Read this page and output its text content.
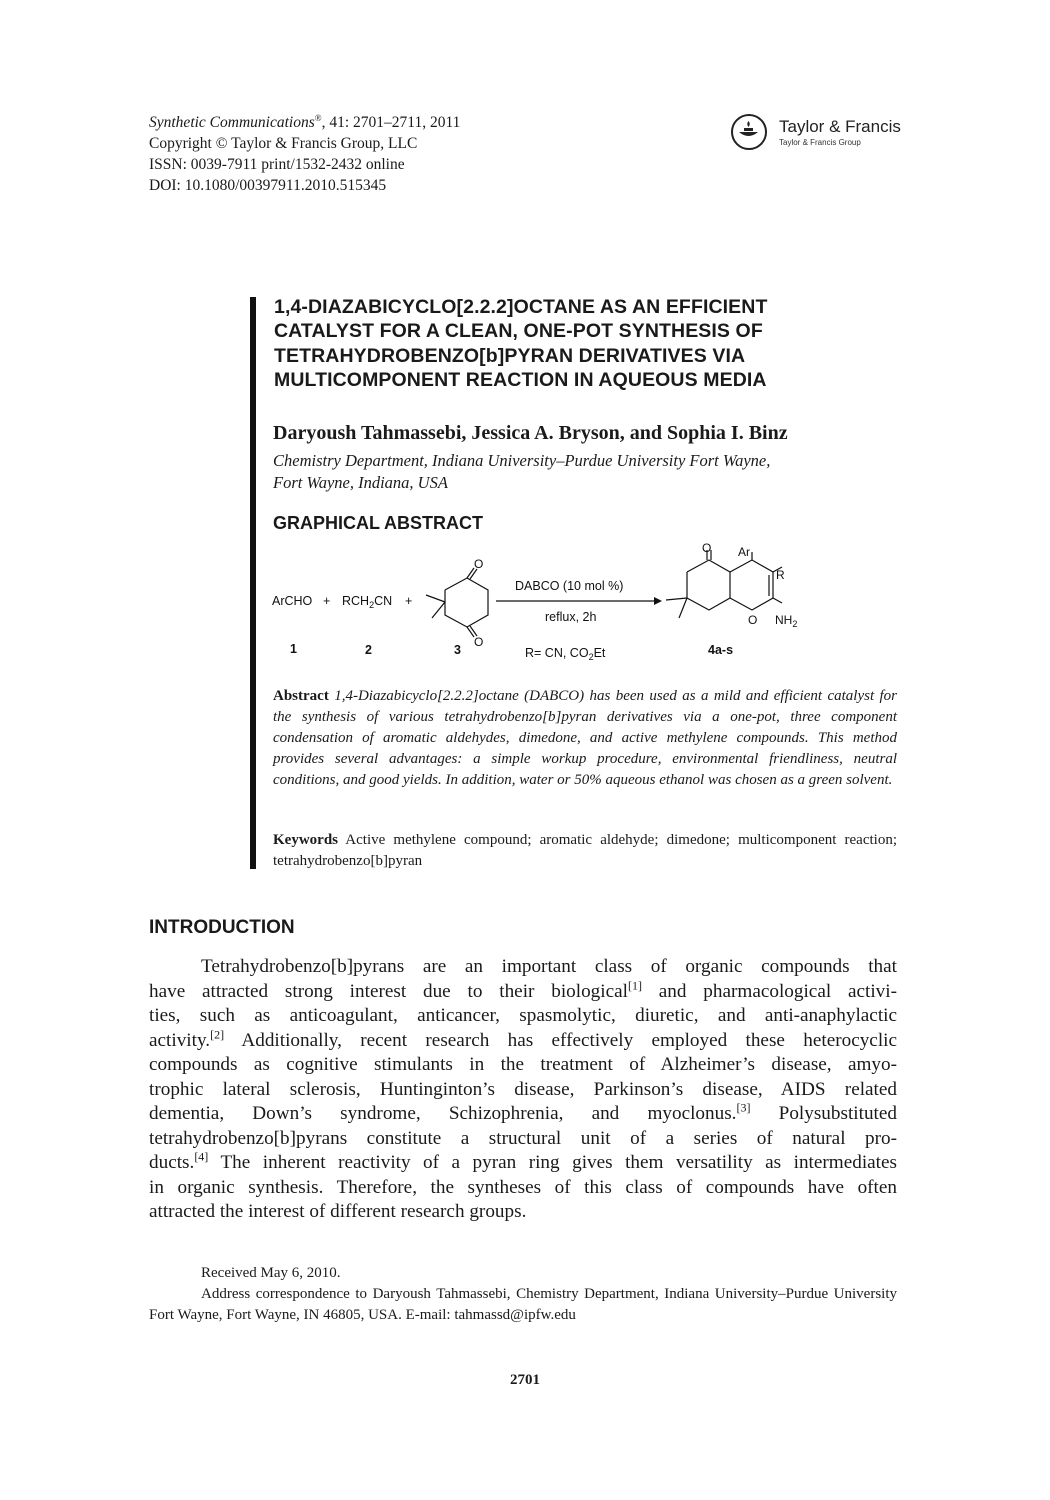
Synthetic Communications®, 41: 2701–2711, 2011
Copyright © Taylor & Francis Group, LLC
ISSN: 0039-7911 print/1532-2432 online
DOI: 10.1080/00397911.2010.515345
Taylor & Francis
Taylor & Francis Group
1,4-DIAZABICYCLO[2.2.2]OCTANE AS AN EFFICIENT
CATALYST FOR A CLEAN, ONE-POT SYNTHESIS OF
TETRAHYDROBENZO[b]PYRAN DERIVATIVES VIA
MULTICOMPONENT REACTION IN AQUEOUS MEDIA
Daryoush Tahmassebi, Jessica A. Bryson, and Sophia I. Binz
Chemistry Department, Indiana University–Purdue University Fort Wayne,
Fort Wayne, Indiana, USA
GRAPHICAL ABSTRACT
ArCHO + $RCH_2CN$ +
O
O
DABCO (10 mol %)
reflux, 2h
O Ar
R
O $NH_2$
1	2	3	R= CN, $CO_2Et$	4a-s
Abstract 1,4-Diazabicyclo[2.2.2]octane (DABCO) has been used as a mild and efficient catalyst for the synthesis of various tetrahydrobenzo[b]pyran derivatives via a one-pot, three component condensation of aromatic aldehydes, dimedone, and active methylene compounds. This method provides several advantages: a simple workup procedure, environmental friendliness, neutral conditions, and good yields. In addition, water or 50% aqueous ethanol was chosen as a green solvent.
Keywords Active methylene compound; aromatic aldehyde; dimedone; multicomponent reaction; tetrahydrobenzo[b]pyran
INTRODUCTION
Tetrahydrobenzo[b]pyrans are an important class of organic compounds that
have attracted strong interest due to their biological[1] and pharmacological activi-
ties, such as anticoagulant, anticancer, spasmolytic, diuretic, and anti-anaphylactic
activity.[2] Additionally, recent research has effectively employed these heterocyclic
compounds as cognitive stimulants in the treatment of Alzheimer’s disease, amyo-
trophic lateral sclerosis, Huntinginton’s disease, Parkinson’s disease, AIDS related
dementia, Down’s syndrome, Schizophrenia, and myoclonus.[3] Polysubstituted
tetrahydrobenzo[b]pyrans constitute a structural unit of a series of natural pro-
ducts.[4] The inherent reactivity of a pyran ring gives them versatility as intermediates
in organic synthesis. Therefore, the syntheses of this class of compounds have often
attracted the interest of different research groups.
Received May 6, 2010.
Address correspondence to Daryoush Tahmassebi, Chemistry Department, Indiana University–Purdue University Fort Wayne, Fort Wayne, IN 46805, USA. E-mail: tahmassd@ipfw.edu
2701
